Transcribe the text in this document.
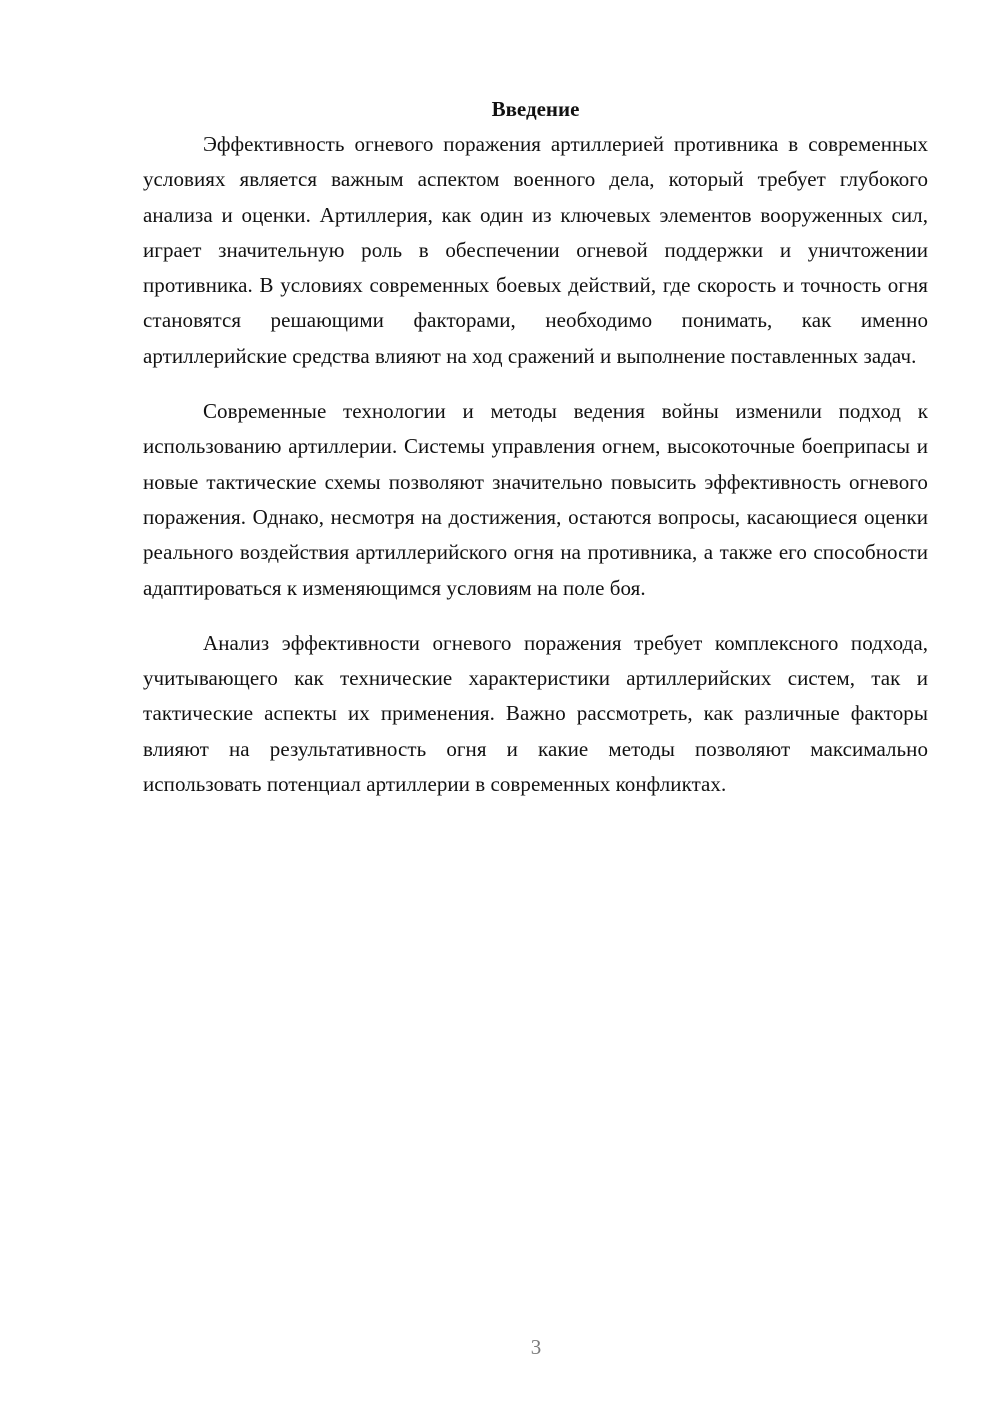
Введение

Эффективность огневого поражения артиллерией противника в современных условиях является важным аспектом военного дела, который требует глубокого анализа и оценки. Артиллерия, как один из ключевых элементов вооруженных сил, играет значительную роль в обеспечении огневой поддержки и уничтожении противника. В условиях современных боевых действий, где скорость и точность огня становятся решающими факторами, необходимо понимать, как именно артиллерийские средства влияют на ход сражений и выполнение поставленных задач.

Современные технологии и методы ведения войны изменили подход к использованию артиллерии. Системы управления огнем, высокоточные боеприпасы и новые тактические схемы позволяют значительно повысить эффективность огневого поражения. Однако, несмотря на достижения, остаются вопросы, касающиеся оценки реального воздействия артиллерийского огня на противника, а также его способности адаптироваться к изменяющимся условиям на поле боя.

Анализ эффективности огневого поражения требует комплексного подхода, учитывающего как технические характеристики артиллерийских систем, так и тактические аспекты их применения. Важно рассмотреть, как различные факторы влияют на результативность огня и какие методы позволяют максимально использовать потенциал артиллерии в современных конфликтах.

3
